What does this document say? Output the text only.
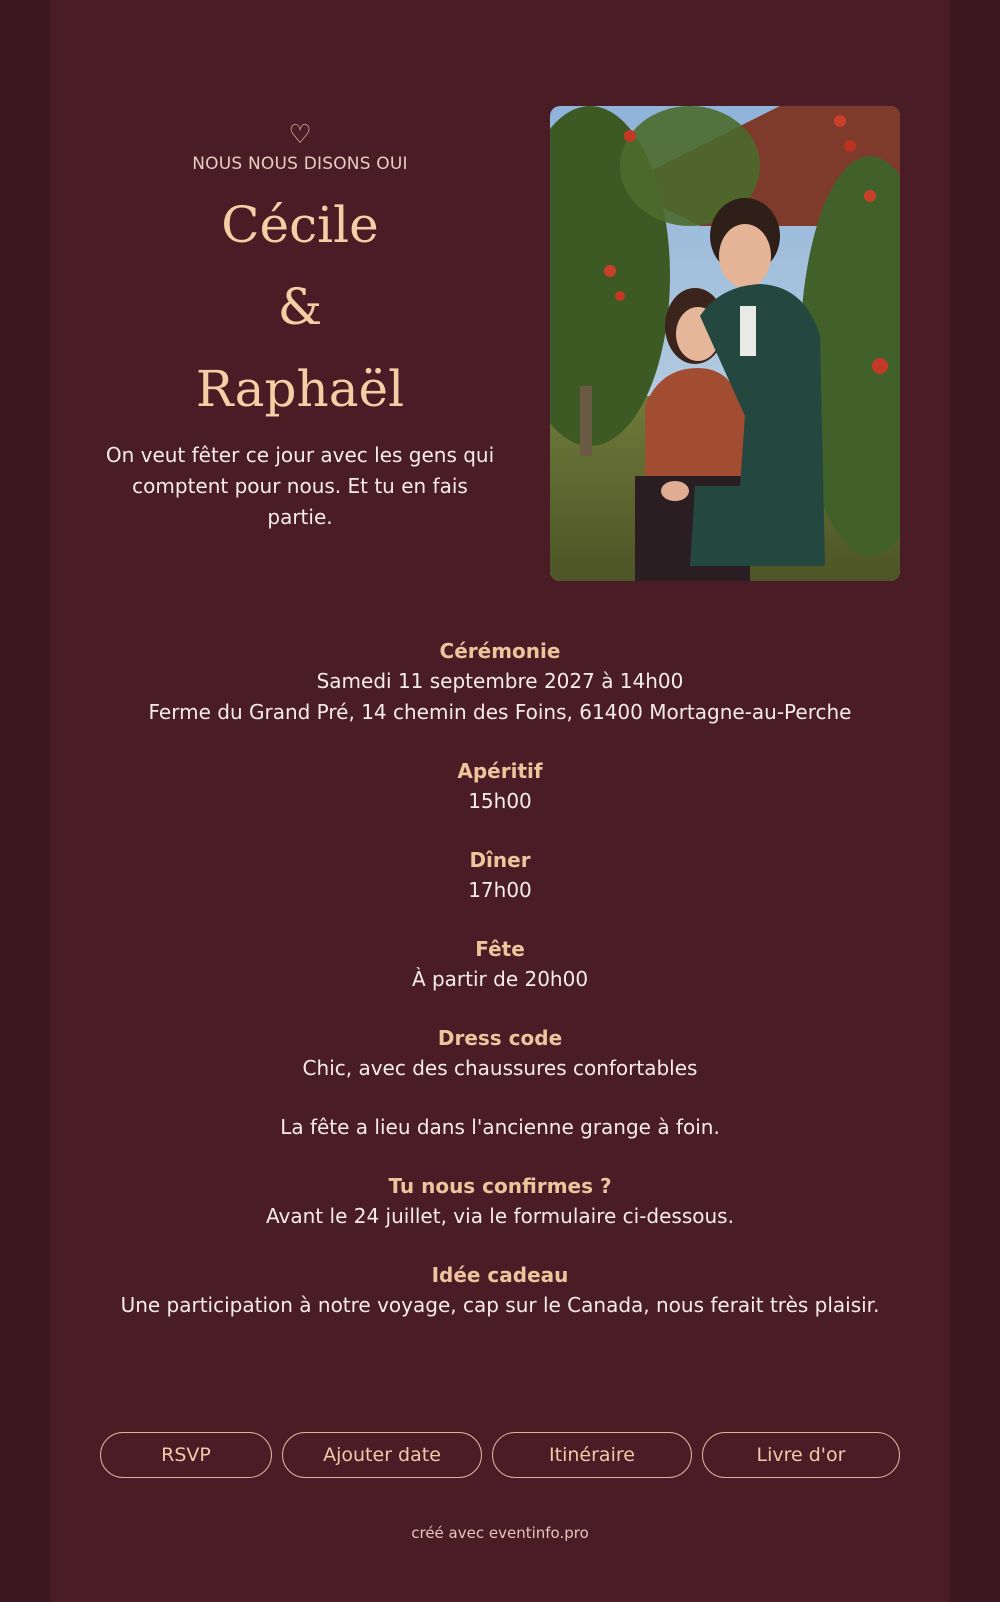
♡
NOUS NOUS DISONS OUI
Cécile
&
Raphaël
On veut fêter ce jour avec les gens qui comptent pour nous. Et tu en fais partie.
Cérémonie
Samedi 11 septembre 2027 à 14h00
Ferme du Grand Pré, 14 chemin des Foins, 61400 Mortagne-au-Perche
Apéritif
15h00
Dîner
17h00
Fête
À partir de 20h00
Dress code
Chic, avec des chaussures confortables
La fête a lieu dans l'ancienne grange à foin.
Tu nous confirmes ?
Avant le 24 juillet, via le formulaire ci-dessous.
Idée cadeau
Une participation à notre voyage, cap sur le Canada, nous ferait très plaisir.
RSVP	Ajouter date	Itinéraire	Livre d'or
créé avec eventinfo.pro
